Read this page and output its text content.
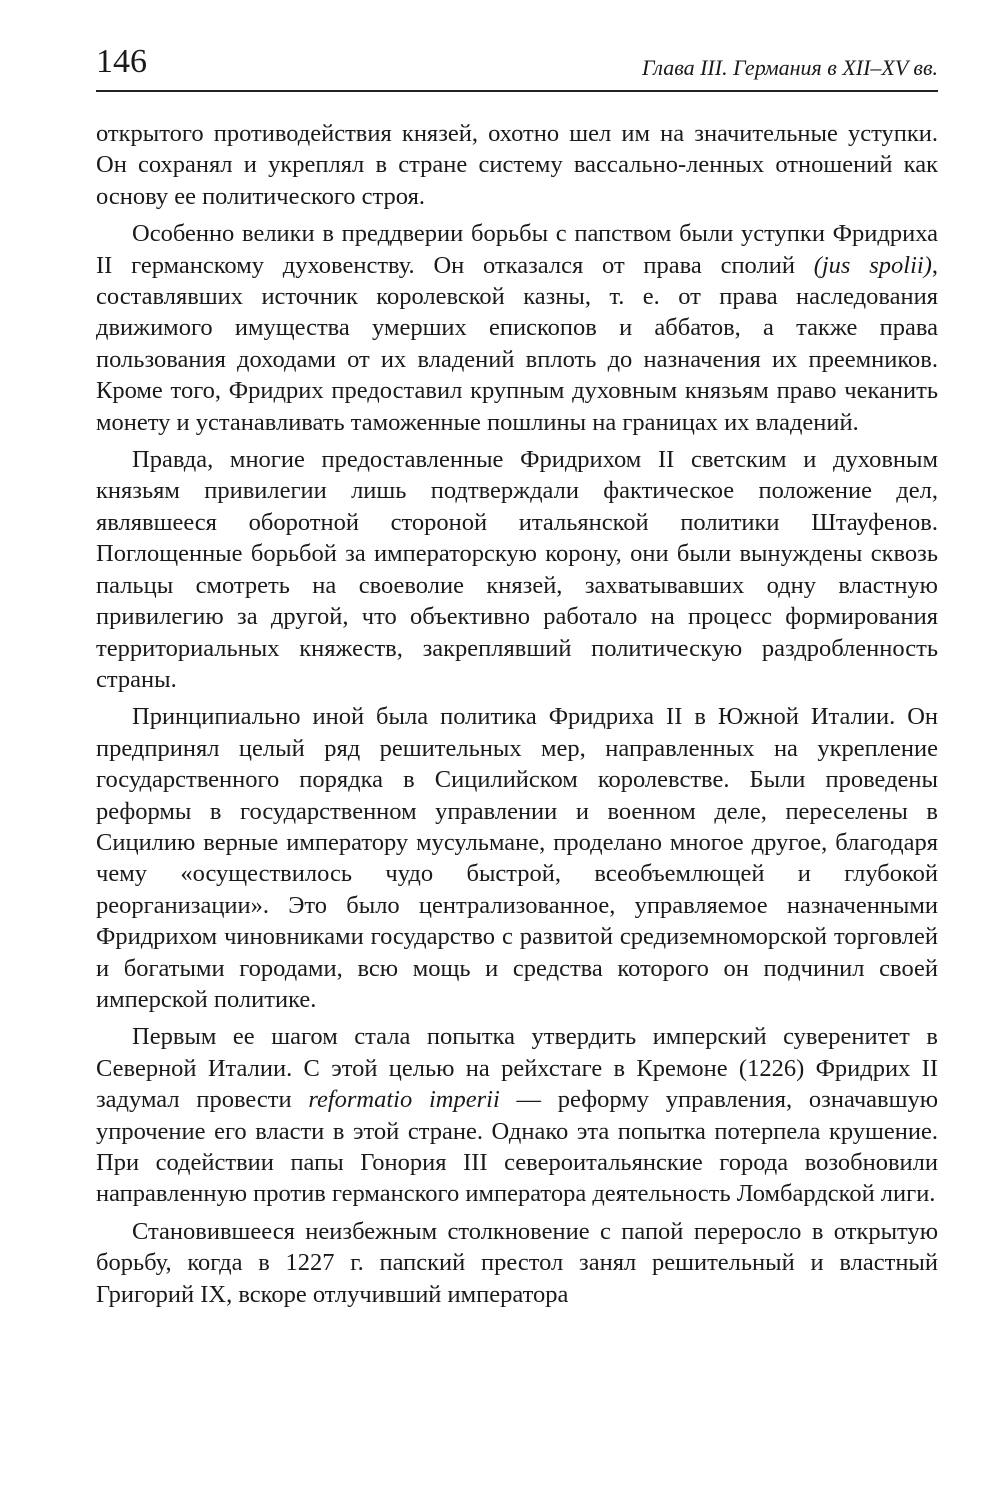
146	Глава III. Германия в XII–XV вв.

открытого противодействия князей, охотно шел им на значительные уступки. Он сохранял и укреплял в стране систему вассально-ленных отношений как основу ее политического строя.

Особенно велики в преддверии борьбы с папством были уступки Фридриха II германскому духовенству. Он отказался от права сполий (jus spolii), составлявших источник королевской казны, т. е. от права наследования движимого имущества умерших епископов и аббатов, а также права пользования доходами от их владений вплоть до назначения их преемников. Кроме того, Фридрих предоставил крупным духовным князьям право чеканить монету и устанавливать таможенные пошлины на границах их владений.

Правда, многие предоставленные Фридрихом II светским и духовным князьям привилегии лишь подтверждали фактическое положение дел, являвшееся оборотной стороной итальянской политики Штауфенов. Поглощенные борьбой за императорскую корону, они были вынуждены сквозь пальцы смотреть на своеволие князей, захватывавших одну властную привилегию за другой, что объективно работало на процесс формирования территориальных княжеств, закреплявший политическую раздробленность страны.

Принципиально иной была политика Фридриха II в Южной Италии. Он предпринял целый ряд решительных мер, направленных на укрепление государственного порядка в Сицилийском королевстве. Были проведены реформы в государственном управлении и военном деле, переселены в Сицилию верные императору мусульмане, проделано многое другое, благодаря чему «осуществилось чудо быстрой, всеобъемлющей и глубокой реорганизации». Это было централизованное, управляемое назначенными Фридрихом чиновниками государство с развитой средиземноморской торговлей и богатыми городами, всю мощь и средства которого он подчинил своей имперской политике.

Первым ее шагом стала попытка утвердить имперский суверенитет в Северной Италии. С этой целью на рейхстаге в Кремоне (1226) Фридрих II задумал провести reformatio imperii — реформу управления, означавшую упрочение его власти в этой стране. Однако эта попытка потерпела крушение. При содействии папы Гонория III североитальянские города возобновили направленную против германского императора деятельность Ломбардской лиги.

Становившееся неизбежным столкновение с папой переросло в открытую борьбу, когда в 1227 г. папский престол занял решительный и властный Григорий IX, вскоре отлучивший императора
